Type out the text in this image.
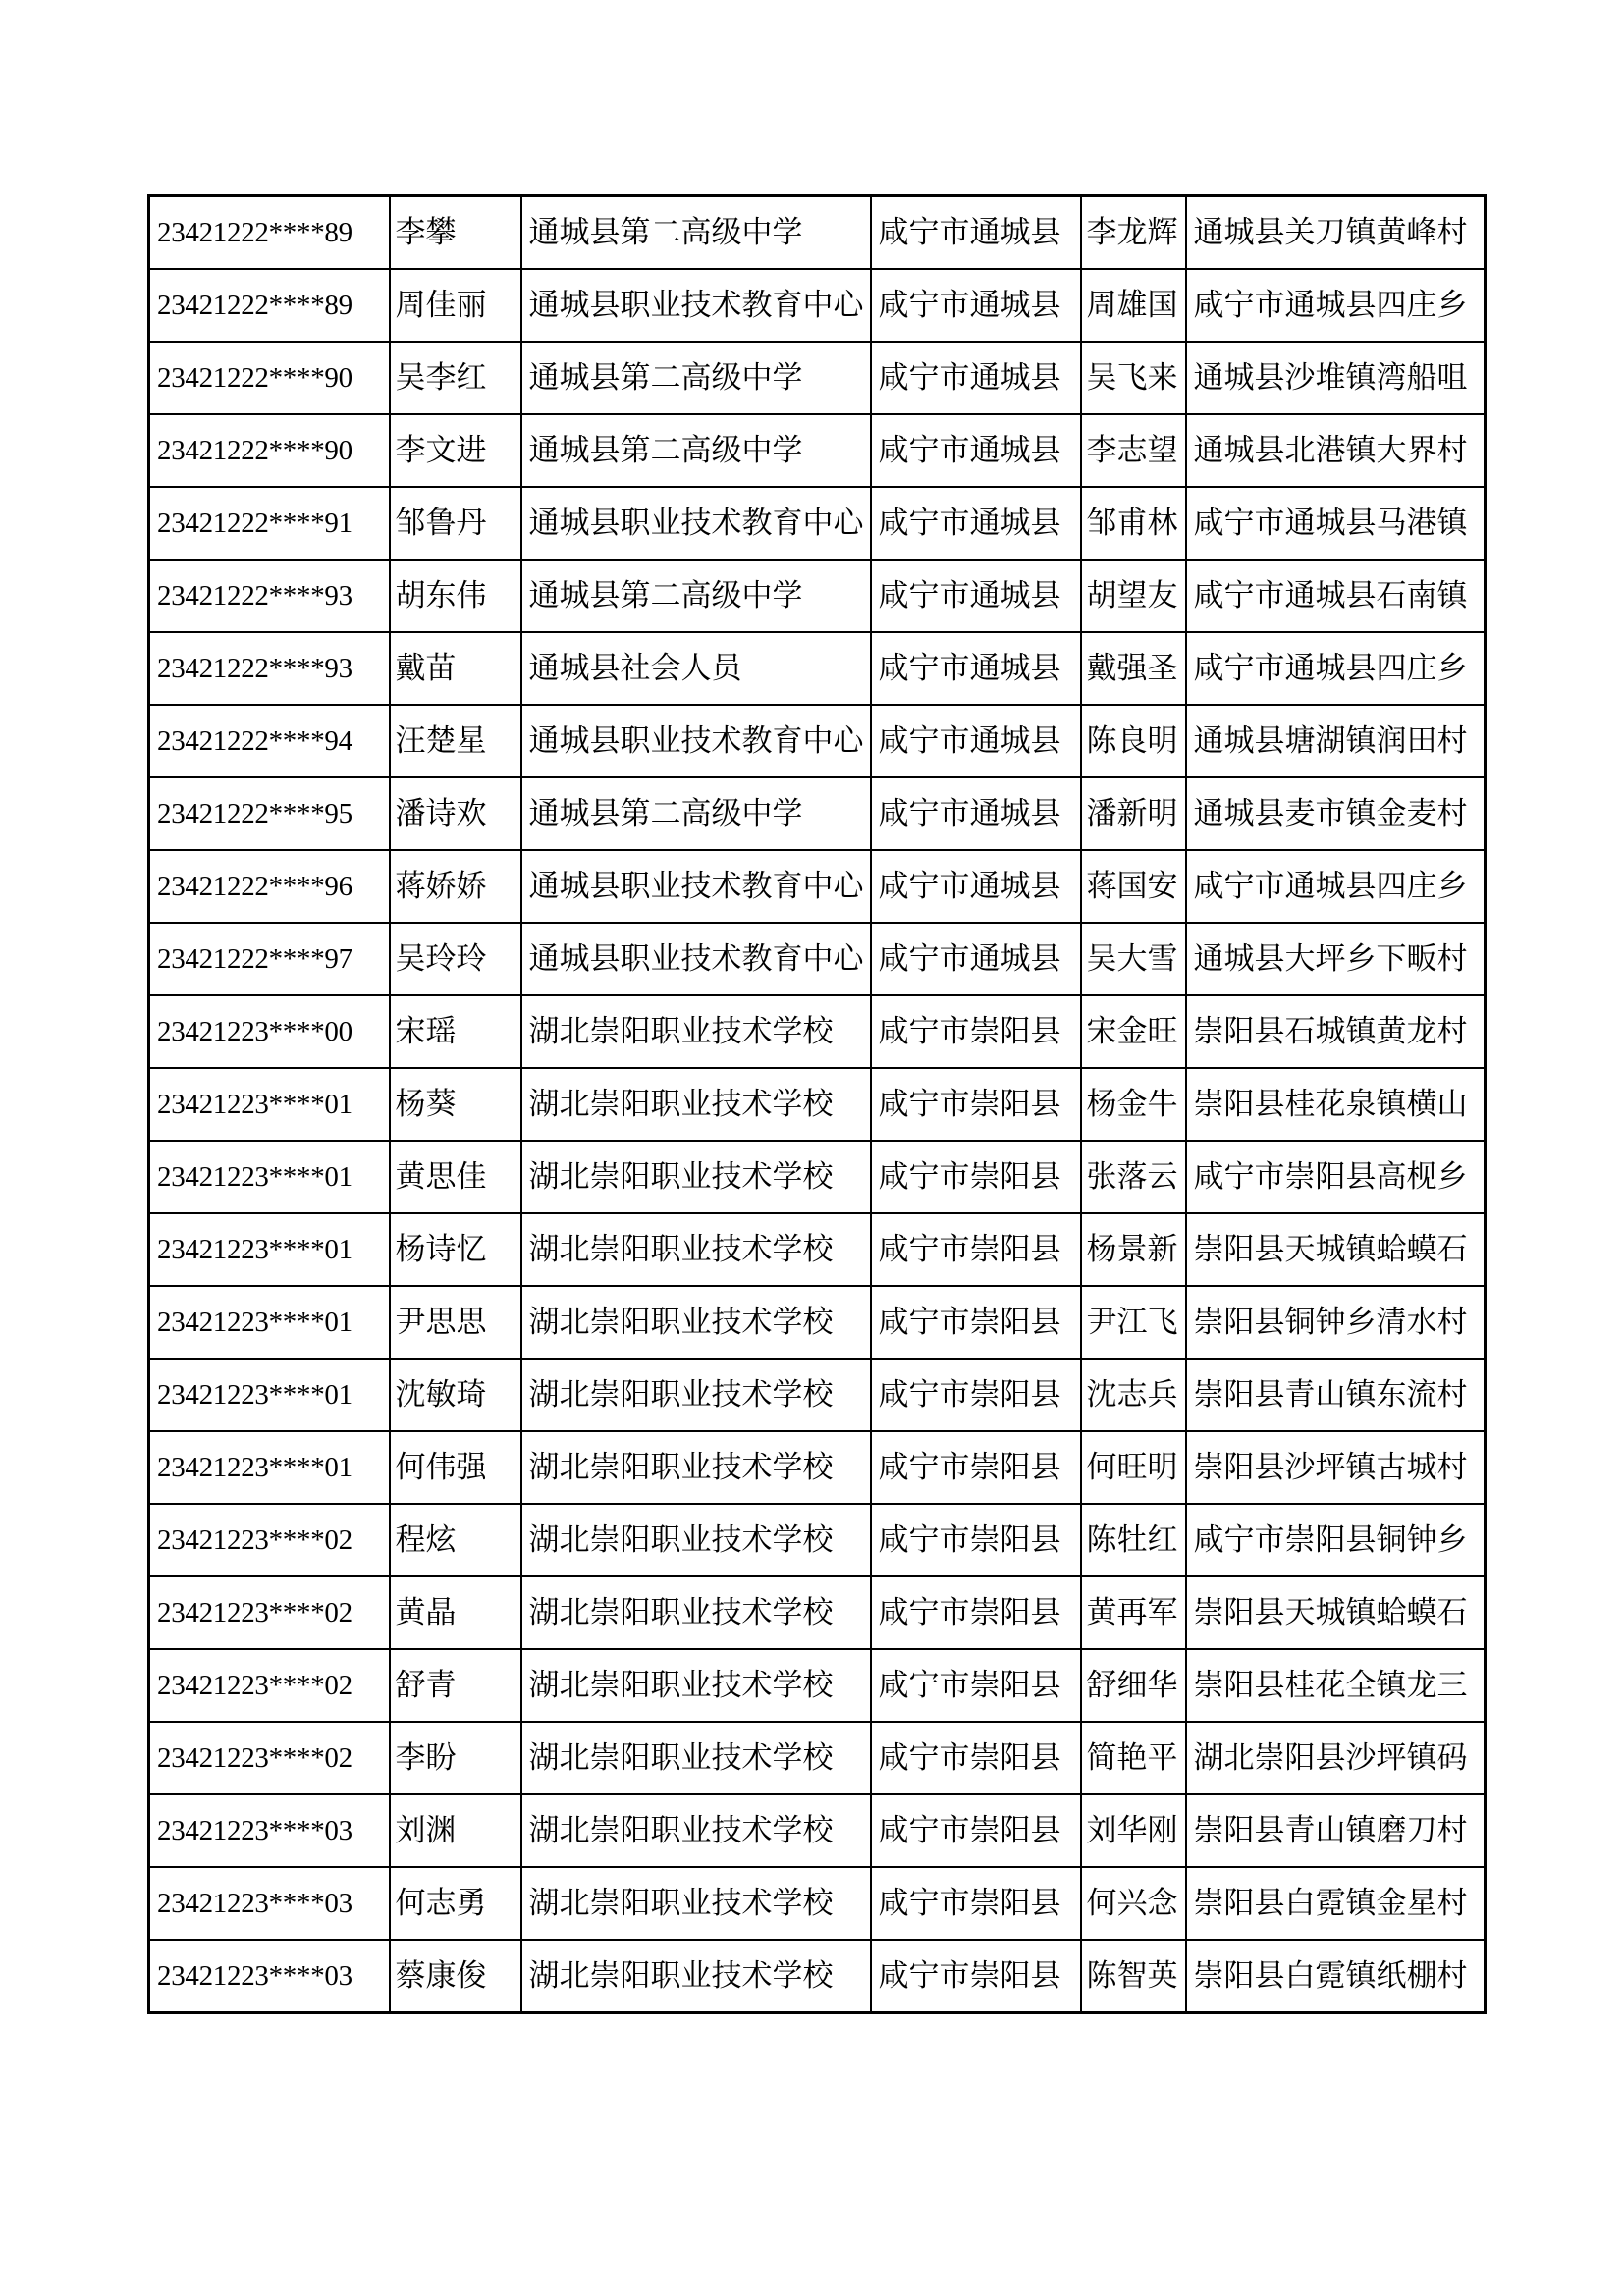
23421222****89	李攀	通城县第二高级中学	咸宁市通城县	李龙辉	通城县关刀镇黄峰村
23421222****89	周佳丽	通城县职业技术教育中心	咸宁市通城县	周雄国	咸宁市通城县四庄乡
23421222****90	吴李红	通城县第二高级中学	咸宁市通城县	吴飞来	通城县沙堆镇湾船咀
23421222****90	李文进	通城县第二高级中学	咸宁市通城县	李志望	通城县北港镇大界村
23421222****91	邹鲁丹	通城县职业技术教育中心	咸宁市通城县	邹甫林	咸宁市通城县马港镇
23421222****93	胡东伟	通城县第二高级中学	咸宁市通城县	胡望友	咸宁市通城县石南镇
23421222****93	戴苗	通城县社会人员	咸宁市通城县	戴强圣	咸宁市通城县四庄乡
23421222****94	汪楚星	通城县职业技术教育中心	咸宁市通城县	陈良明	通城县塘湖镇润田村
23421222****95	潘诗欢	通城县第二高级中学	咸宁市通城县	潘新明	通城县麦市镇金麦村
23421222****96	蒋娇娇	通城县职业技术教育中心	咸宁市通城县	蒋国安	咸宁市通城县四庄乡
23421222****97	吴玲玲	通城县职业技术教育中心	咸宁市通城县	吴大雪	通城县大坪乡下畈村
23421223****00	宋瑶	湖北崇阳职业技术学校	咸宁市崇阳县	宋金旺	崇阳县石城镇黄龙村
23421223****01	杨葵	湖北崇阳职业技术学校	咸宁市崇阳县	杨金牛	崇阳县桂花泉镇横山
23421223****01	黄思佳	湖北崇阳职业技术学校	咸宁市崇阳县	张落云	咸宁市崇阳县高枧乡
23421223****01	杨诗忆	湖北崇阳职业技术学校	咸宁市崇阳县	杨景新	崇阳县天城镇蛤蟆石
23421223****01	尹思思	湖北崇阳职业技术学校	咸宁市崇阳县	尹江飞	崇阳县铜钟乡清水村
23421223****01	沈敏琦	湖北崇阳职业技术学校	咸宁市崇阳县	沈志兵	崇阳县青山镇东流村
23421223****01	何伟强	湖北崇阳职业技术学校	咸宁市崇阳县	何旺明	崇阳县沙坪镇古城村
23421223****02	程炫	湖北崇阳职业技术学校	咸宁市崇阳县	陈牡红	咸宁市崇阳县铜钟乡
23421223****02	黄晶	湖北崇阳职业技术学校	咸宁市崇阳县	黄再军	崇阳县天城镇蛤蟆石
23421223****02	舒青	湖北崇阳职业技术学校	咸宁市崇阳县	舒细华	崇阳县桂花全镇龙三
23421223****02	李盼	湖北崇阳职业技术学校	咸宁市崇阳县	简艳平	湖北崇阳县沙坪镇码
23421223****03	刘渊	湖北崇阳职业技术学校	咸宁市崇阳县	刘华刚	崇阳县青山镇磨刀村
23421223****03	何志勇	湖北崇阳职业技术学校	咸宁市崇阳县	何兴念	崇阳县白霓镇金星村
23421223****03	蔡康俊	湖北崇阳职业技术学校	咸宁市崇阳县	陈智英	崇阳县白霓镇纸棚村
